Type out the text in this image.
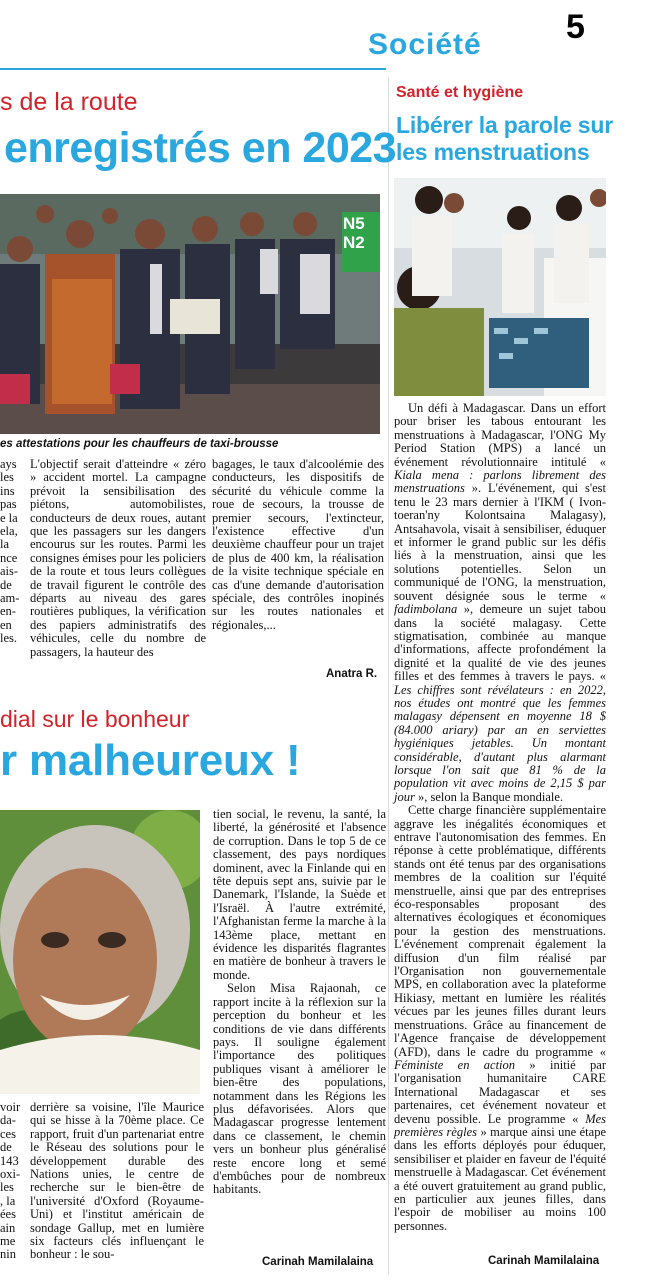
Société 5
s de la route
enregistrés en 2023
N5
N2
es attestations pour les chauffeurs de taxi-brousse

ays

les

ins

pas

e la

ela,

la

nce

ais-

de

am-

en-

en

les.

L'objectif serait d'atteindre « zéro » accident mortel. La campagne prévoit la sensibilisation des piétons, automobilistes, conducteurs de deux roues, autant que les passagers sur les dangers encourus sur les routes. Parmi les consignes émises pour les policiers de la route et tous leurs collègues de travail figurent le contrôle des départs au niveau des gares routières publiques, la vérification des papiers administratifs des véhicules, celle du nombre de passagers, la hauteur des
bagages, le taux d'alcoolémie des conducteurs, les dispositifs de sécurité du véhicule comme la roue de secours, la trousse de premier secours, l'extincteur, l'existence effective d'un deuxième chauffeur pour un trajet de plus de 400 km, la réalisation de la visite technique spéciale en cas d'une demande d'autorisation spéciale, des contrôles inopinés sur les routes nationales et régionales,...
Anatra R.
dial sur le bonheur
r malheureux !

tien social, le revenu, la santé, la liberté, la générosité et l'absence de corruption. Dans le top 5 de ce classement, des pays nordiques dominent, avec la Finlande qui en tête depuis sept ans, suivie par le Danemark, l'Islande, la Suède et l'Israël. À l'autre extrémité, l'Afghanistan ferme la marche à la 143ème place, mettant en évidence les disparités flagrantes en matière de bonheur à travers le monde.

Selon Misa Rajaonah, ce rapport incite à la réflexion sur la perception du bonheur et les conditions de vie dans différents pays. Il souligne également l'importance des politiques publiques visant à améliorer le bien-être des populations, notamment dans les Régions les plus défavorisées. Alors que Madagascar progresse lentement dans ce classement, le chemin vers un bonheur plus généralisé reste encore long et semé d'embûches pour de nombreux habitants.

voir

da-

ces

de

143

oxi-

les

, la

ées

ain

me

nin

derrière sa voisine, l'île Maurice qui se hisse à la 70ème place. Ce rapport, fruit d'un partenariat entre le Réseau des solutions pour le développement durable des Nations unies, le centre de recherche sur le bien-être de l'université d'Oxford (Royaume-Uni) et l'institut américain de sondage Gallup, met en lumière six facteurs clés influençant le bonheur : le sou-
Carinah Mamilalaina
Santé et hygiène
Libérer la parole sur les menstruations

Un défi à Madagascar. Dans un effort pour briser les tabous entourant les menstruations à Madagascar, l'ONG My Period Station (MPS) a lancé un événement révolutionnaire intitulé « Kiala mena : parlons librement des menstruations ». L'événement, qui s'est tenu le 23 mars dernier à l'IKM ( Ivon-toeran'ny Kolontsaina Malagasy), Antsahavola, visait à sensibiliser, éduquer et informer le grand public sur les défis liés à la menstruation, ainsi que les solutions potentielles. Selon un communiqué de l'ONG, la menstruation, souvent désignée sous le terme « fadimbolana », demeure un sujet tabou dans la société malagasy. Cette stigmatisation, combinée au manque d'informations, affecte profondément la dignité et la qualité de vie des jeunes filles et des femmes à travers le pays. « Les chiffres sont révélateurs : en 2022, nos études ont montré que les femmes malagasy dépensent en moyenne 18 $ (84.000 ariary) par an en serviettes hygiéniques jetables. Un montant considérable, d'autant plus alarmant lorsque l'on sait que 81 % de la population vit avec moins de 2,15 $ par jour », selon la Banque mondiale.

Cette charge financière supplémentaire aggrave les inégalités économiques et entrave l'autonomisation des femmes. En réponse à cette problématique, différents stands ont été tenus par des organisations membres de la coalition sur l'équité menstruelle, ainsi que par des entreprises éco-responsables proposant des alternatives écologiques et économiques pour la gestion des menstruations. L'événement comprenait également la diffusion d'un film réalisé par l'Organisation non gouvernementale MPS, en collaboration avec la plateforme Hikiasy, mettant en lumière les réalités vécues par les jeunes filles durant leurs menstruations. Grâce au financement de l'Agence française de développement (AFD), dans le cadre du programme « Féministe en action » initié par l'organisation humanitaire CARE International Madagascar et ses partenaires, cet événement novateur et devenu possible. Le programme « Mes premières règles » marque ainsi une étape dans les efforts déployés pour éduquer, sensibiliser et plaider en faveur de l'équité menstruelle à Madagascar. Cet événement a été ouvert gratuitement au grand public, en particulier aux jeunes filles, dans l'espoir de mobiliser au moins 100 personnes.

Carinah Mamilalaina
